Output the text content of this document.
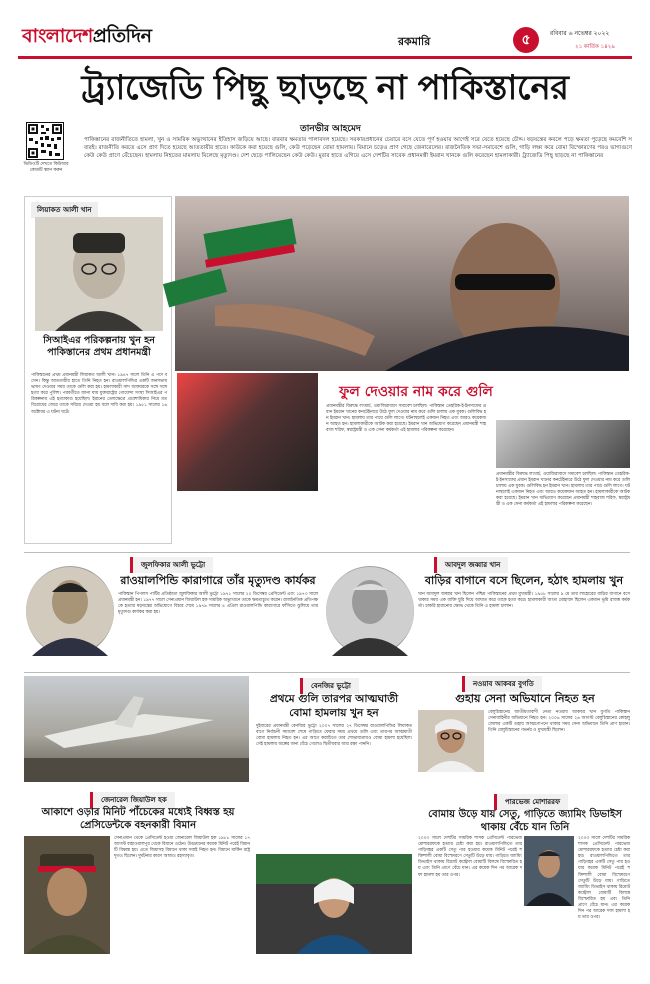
বাংলাদেশপ্রতিদিন	রকমারি	৫	রবিবার ৬ নভেম্বর ২০২২
২১ কার্তিক ১৪২৯
ট্র্যাজেডি পিছু ছাড়ছে না পাকিস্তানের
ভিডিওটি দেখতে কিউআর কোডটি স্ক্যান করুন
তানভীর আহমেদ
পাকিস্তানের রাজনীতিতে হামলা, খুন ও সামরিক অভ্যুত্থানের ইতিহাস জড়িয়ে আছে। বারবার ক্ষমতার পালাবদল হয়েছে। সরকারপ্রধানের চেয়ারে বসে যেতে পূর্ণ হওয়ার আগেই সরে যেতে হয়েছে চৌদ্দ। ষড়যন্ত্রের কবলে পড়ে ক্ষমতা পুড়েছে কমবেশি সবারই। রাজনীতি করতে এসে প্রাণ দিতে হয়েছে আততায়ীর হাতে। কাউকে করা হয়েছে গুলি, কেউ পড়েছেন বোমা হামলায়। বিমানে চড়েও প্রাণ গেছে জেনারেলের। রাজনৈতিক সভা-সমাবেশে গুলি, গাড়ি লক্ষ্য করে বোমা বিস্ফোরণের পরও ভাগ্যগুণে কেউ কেউ প্রাণে বেঁচেছেন। হামলায় নিহতের মামলায় মিলেছে মৃত্যুদণ্ড। দেশ ছেড়ে পালিয়েছেন কেউ কেউ। মুরার হাতে এগিয়ে এসে দেশটির সাবেক প্রধানমন্ত্রী ইমরান খানকে গুলি করেছেন হামলাকারী। ট্র্যাজেডি পিছু ছাড়ছে না পাকিস্তানের
লিয়াকত আলী খান
সিআইএর পরিকল্পনায় খুন হন পাকিস্তানের প্রথম প্রধানমন্ত্রী
পাকিস্তানের প্রথম প্রধানমন্ত্রী লিয়াকত আলী খান। ১৯৪৭ সালে তিনি এ পদে বসেন। কিন্তু আততায়ীর হাতে তিনি নিহত হন। রাওয়ালপিন্ডির একটি জনসভায় ভাষণ দেওয়ার সময় তাকে গুলি করা হয়। হামলাকারী সাদ আকবরকে সঙ্গে সঙ্গে হত্যা করে পুলিশ। পরবর্তীতে জানা যায় যুক্তরাষ্ট্রের গোয়েন্দা সংস্থা সিআইএর পরিকল্পনায় এই হত্যাকাণ্ড হয়েছিল। ইরানের তেলক্ষেত্রে প্রবেশাধিকার নিয়ে মতবিরোধের জেরে তাকে সরিয়ে দেওয়া হয় বলে দাবি করা হয়। ১৯৫১ সালের ১৬ অক্টোবর এ ঘটনা ঘটে।
ফুল দেওয়ার নাম করে গুলি
প্রধানমন্ত্রীর বিরুদ্ধে লংমার্চ, ওয়াজিরাবাদে সমাবেশ চলছিল। পাকিস্তান তেহরিক-ই-ইনসাফের প্রধান ইমরান খানের কনটেইনারে উঠে ফুল দেওয়ার নাম করে গুলি চালায় এক যুবক। গুলিবিদ্ধ হন ইমরান খান। হামলায় তার পায়ে গুলি লাগে। ঘটনাস্থলেই একজন নিহত এবং আরও কয়েকজন আহত হন। হামলাকারীকে আটক করা হয়েছে। ইমরান খান অভিযোগ করেছেন প্রধানমন্ত্রী শাহবাজ শরিফ, স্বরাষ্ট্রমন্ত্রী ও এক সেনা কর্মকর্তা এই হামলার পরিকল্পনা করেছেন।
প্রধানমন্ত্রীর বিরুদ্ধে লংমার্চ, ওয়াজিরাবাদে সমাবেশ চলছিল। পাকিস্তান তেহরিক-ই-ইনসাফের প্রধান ইমরান খানের কনটেইনারে উঠে ফুল দেওয়ার নাম করে গুলি চালায় এক যুবক। গুলিবিদ্ধ হন ইমরান খান। হামলায় তার পায়ে গুলি লাগে। ঘটনাস্থলেই একজন নিহত এবং আরও কয়েকজন আহত হন। হামলাকারীকে আটক করা হয়েছে। ইমরান খান অভিযোগ করেছেন প্রধানমন্ত্রী শাহবাজ শরিফ, স্বরাষ্ট্রমন্ত্রী ও এক সেনা কর্মকর্তা এই হামলার পরিকল্পনা করেছেন।
জুলফিকার আলী ভুট্টো
রাওয়ালপিন্ডি কারাগারে তাঁর মৃত্যুদণ্ড কার্যকর
পাকিস্তান পিপলস পার্টির প্রতিষ্ঠাতা জুলফিকার আলী ভুট্টো ১৯৭১ সালের ২০ ডিসেম্বর প্রেসিডেন্ট এবং ১৯৭৩ সালে প্রধানমন্ত্রী হন। ১৯৭৭ সালে সেনাপ্রধান জিয়াউল হক সামরিক অভ্যুত্থানে তাকে ক্ষমতাচ্যুত করেন। রাজনৈতিক প্রতিপক্ষকে হত্যার ষড়যন্ত্রের অভিযোগে বিচার শেষে ১৯৭৯ সালের ৪ এপ্রিল রাওয়ালপিন্ডি কারাগারে ফাঁসিতে ঝুলিয়ে তার মৃত্যুদণ্ড কার্যকর করা হয়।
আবদুল জব্বার খান
বাড়ির বাগানে বসে ছিলেন, হঠাৎ হামলায় খুন
খান আবদুল জব্বার খান ছিলেন পশ্চিম পাকিস্তানের প্রথম মুখ্যমন্ত্রী। ১৯৫৮ সালের ৯ মে তার লাহোরের বাড়ির বাগানে বসে থাকার সময় এক ব্যক্তি ছুরি দিয়ে আঘাত করে তাকে হত্যা করে। হামলাকারী আতা মোহাম্মদ ছিলেন একজন ভূমি রাজস্ব কর্মকর্তা। চাকরি হারানোর ক্ষোভ থেকে তিনি এ হামলা চালান।
জেনারেল জিয়াউল হক
আকাশে ওড়ার মিনিট পাঁচেকের মধ্যেই বিধ্বস্ত হয় প্রেসিডেন্টকে বহনকারী বিমান
সেনাপ্রধান থেকে প্রেসিডেন্ট হওয়া জেনারেল জিয়াউল হক ১৯৮৮ সালের ১৭ আগস্ট বাহাওয়ালপুর থেকে বিমানে ওঠেন। উড্ডয়নের কয়েক মিনিট পরেই বিমানটি বিধ্বস্ত হয়। এতে জিয়াসহ বিমানে থাকা সবাই নিহত হন। বিমানে মার্কিন রাষ্ট্রদূতও ছিলেন। দুর্ঘটনার কারণ আজও রহস্যাবৃত।
বেনজির ভুট্টো
প্রথমে গুলি তারপর আত্মঘাতী বোমা হামলায় খুন হন
দুইবারের প্রধানমন্ত্রী বেনজির ভুট্টো ২০০৭ সালের ২৭ ডিসেম্বর রাওয়ালপিন্ডির লিয়াকত বাগে নির্বাচনী সমাবেশ শেষে গাড়িতে ফেরার সময় প্রথমে গুলি এবং তারপর আত্মঘাতী বোমা হামলায় নিহত হন। এর আগে করাচিতে তার শোভাযাত্রায়ও বোমা হামলা হয়েছিল। সেই হামলায় অল্পের জন্য বেঁচে গেলেও দ্বিতীয়বার আর রক্ষা পাননি।
নওয়াব আকবর বুগতি
গুহায় সেনা অভিযানে নিহত হন
বেলুচিস্তানের জাতীয়তাবাদী নেতা নওয়াব আকবর খান বুগতি পাকিস্তান সেনাবাহিনীর অভিযানে নিহত হন। ২০০৬ সালের ২৬ আগস্ট বেলুচিস্তানের কোহলু জেলার একটি গুহায় আত্মগোপনে থাকার সময় সেনা অভিযানে তিনি প্রাণ হারান। তিনি বেলুচিস্তানের গভর্নর ও মুখ্যমন্ত্রী ছিলেন।
পারভেজ মোশাররফ
বোমায় উড়ে যায় সেতু, গাড়িতে জ্যামিং ডিভাইস থাকায় বেঁচে যান তিনি
২০০৩ সালে দেশটির সামরিক শাসক প্রেসিডেন্ট পারভেজ মোশাররফকে হত্যার চেষ্টা করা হয়। রাওয়ালপিন্ডিতে তার গাড়িবহর একটি সেতু পার হওয়ার কয়েক মিনিট পরেই শক্তিশালী বোমা বিস্ফোরণে সেতুটি উড়ে যায়। গাড়িতে জ্যামিং ডিভাইস থাকায় রিমোট কন্ট্রোল বোমাটি বিলম্বে বিস্ফোরিত হয় এবং তিনি প্রাণে বেঁচে যান। এর কয়েক দিন পর আরেক দফা হামলা হয় তার ওপর।
২০০৩ সালে দেশটির সামরিক শাসক প্রেসিডেন্ট পারভেজ মোশাররফকে হত্যার চেষ্টা করা হয়। রাওয়ালপিন্ডিতে তার গাড়িবহর একটি সেতু পার হওয়ার কয়েক মিনিট পরেই শক্তিশালী বোমা বিস্ফোরণে সেতুটি উড়ে যায়। গাড়িতে জ্যামিং ডিভাইস থাকায় রিমোট কন্ট্রোল বোমাটি বিলম্বে বিস্ফোরিত হয় এবং তিনি প্রাণে বেঁচে যান। এর কয়েক দিন পর আরেক দফা হামলা হয় তার ওপর।
